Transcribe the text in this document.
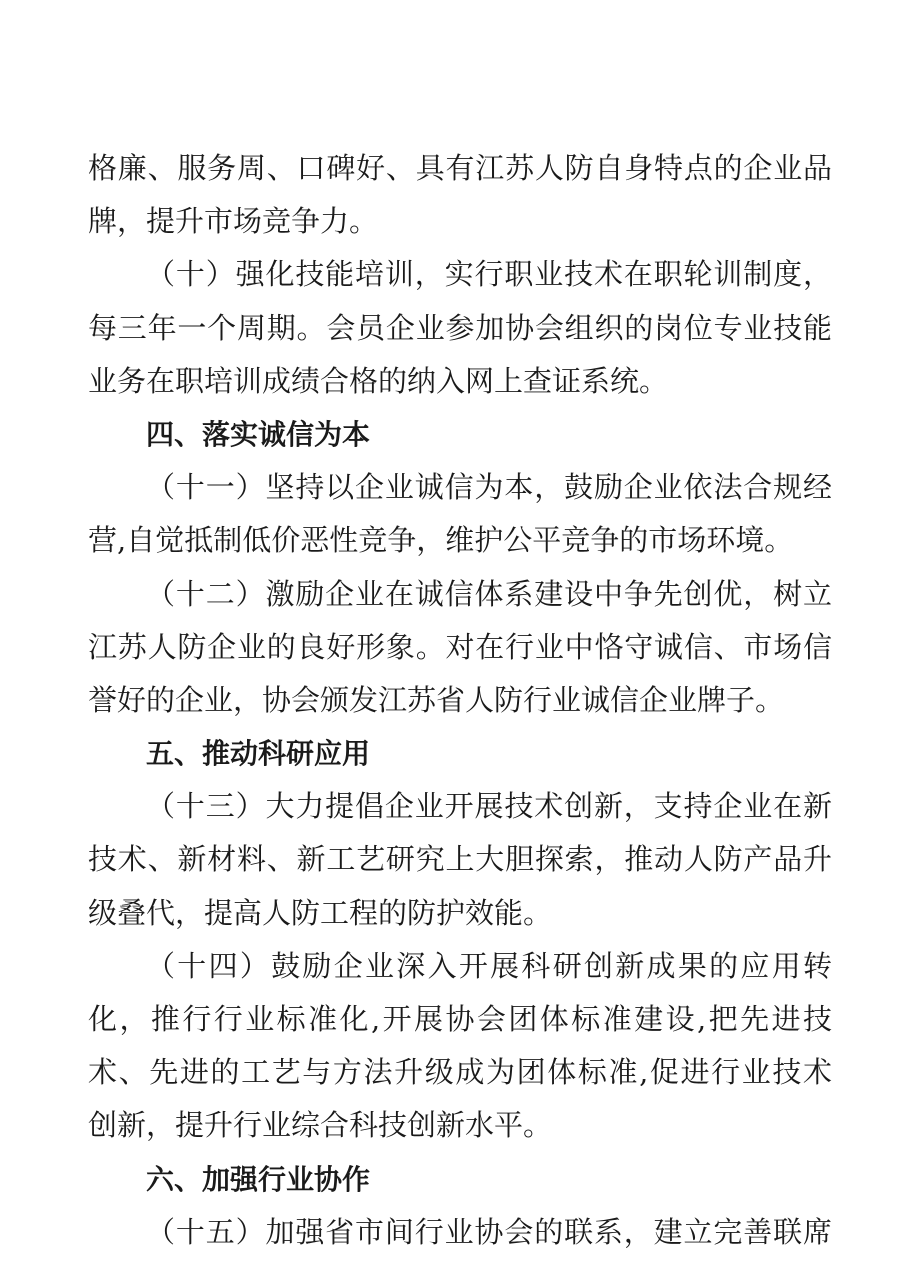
格廉、服务周、口碑好、具有江苏人防自身特点的企业品
牌，提升市场竞争力。
（十）强化技能培训，实行职业技术在职轮训制度，
每三年一个周期。会员企业参加协会组织的岗位专业技能
业务在职培训成绩合格的纳入网上查证系统。
四、落实诚信为本
（十一）坚持以企业诚信为本，鼓励企业依法合规经
营,自觉抵制低价恶性竞争，维护公平竞争的市场环境。
（十二）激励企业在诚信体系建设中争先创优，树立
江苏人防企业的良好形象。对在行业中恪守诚信、市场信
誉好的企业，协会颁发江苏省人防行业诚信企业牌子。
五、推动科研应用
（十三）大力提倡企业开展技术创新，支持企业在新
技术、新材料、新工艺研究上大胆探索，推动人防产品升
级叠代，提高人防工程的防护效能。
（十四）鼓励企业深入开展科研创新成果的应用转
化，推行行业标准化,开展协会团体标准建设,把先进技
术、先进的工艺与方法升级成为团体标准,促进行业技术
创新，提升行业综合科技创新水平。
六、加强行业协作
（十五）加强省市间行业协会的联系，建立完善联席
